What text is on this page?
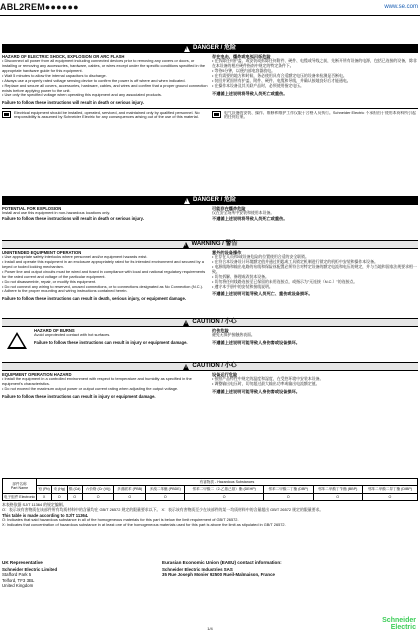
ABL2REM●●●●●●	www.se.com
!
DANGER / 危险
HAZARD OF ELECTRIC SHOCK, EXPLOSION OR ARC FLASH
• Disconnect all power from all equipment including connected devices prior to removing any covers or doors, or installing or removing any accessories, hardware, cables, or wires except under the specific conditions specified in the appropriate hardware guide for this equipment.
• Wait 5 minutes to allow the internal capacitors to discharge.
• Always use a properly rated voltage sensing device to confirm the power is off where and when indicated.
• Replace and secure all covers, accessories, hardware, cables, and wires and confirm that a proper ground connection exists before applying power to the unit.
• Use only the specified voltage when operating this equipment and any associated products.
Failure to follow these instructions will result in death or serious injury.
存在电击、爆炸或电弧闪烁危险
• 在拆除任何护盖、或安装或拆除任何附件、硬件、电缆或导线之前，先断开所有设备的电源，包括已连接的设备，除非在本设备的相应硬件指南中规定的特定条件下。
• 等待5分钟，以便内部电容器放电。
• 在有需要的地方和时候，务必使用具有合适额定电压的设备来检测是否断电。
• 装回并紧固所有护盖、附件、硬件、电缆和导线，并确认接地良好后才能通电。
• 在操作本设备及其关联产品时，必须使用指定电压。
不遵循上述说明将导致人员死亡或重伤。
Electrical equipment should be installed, operated, serviced, and maintained only by qualified personnel. No responsibility is assumed by Schneider Electric for any consequences arising out of the use of this material.
电气设备的安装、操作、维修和维护工作仅限于合格人员执行。Schneider Electric 不承担由于使用本资料所引起的任何后果。
!
DANGER / 危险
POTENTIAL FOR EXPLOSION
Install and use this equipment in non-hazardous locations only.
Failure to follow these instructions will result in death or serious injury.
可能存在爆炸危险
仅在安全场所中安装和使用本设备。
不遵循上述说明将导致人员死亡或重伤。
!
WARNING / 警告
UNINTENDED EQUIPMENT OPERATION
• Use appropriate safety interlocks where personnel and/or equipment hazards exist.
• Install and operate this equipment in an enclosure appropriately rated for its intended environment and secured by a keyed or tooled locking mechanism.
• Power line and output circuits must be wired and fused in compliance with local and national regulatory requirements for the rated current and voltage of the particular equipment.
• Do not disassemble, repair, or modify this equipment.
• Do not connect any wiring to reserved, unused connections, or to connections designated as No Connection (N.C.).
• Adhere to the proper mounting and wiring instructions contained herein.
Failure to follow these instructions can result in death, serious injury, or equipment damage.
意外的设备操作
• 在存在人员和/或设备危险的位置使用合适的安全联锁。
• 在符合本设备设计环境额定值并通过钥匙或工具锁定机制进行锁定的机柜中安装和操作本设备。
• 电源线路和输出电路的布线和保险丝配置必须符合对特定设备的额定电流和电压的规定，并与当地和国家法规要求相一致。
• 切勿拆解、修理或改装本设备。
• 切勿将任何线路连接至已保留的未用连接点，或指示为"无连接（N.C.）"的连接点。
• 遵守本手册中的安装和接线说明。
不遵循上述说明可能导致人员死亡、重伤或设备损坏。
!
CAUTION / 小心
HAZARD OF BURNS
Avoid unprotected contact with hot surfaces.
Failure to follow these instructions can result in injury or equipment damage.
灼伤危险
避免无保护接触热表面。
不遵循上述说明可能导致人身伤害或设备损坏。
!
CAUTION / 小心
EQUIPMENT OPERATION HAZARD
• Install the equipment in a controlled environment with respect to temperature and humidity as specified in the equipment's characteristics.
• Do not exceed the maximum output power or output current rating when adjusting the output voltage.
Failure to follow these instructions can result in injury or equipment damage.
设备运行危险
• 按照产品特性中规定的温度和湿度，在受控环境中安装本设备。
• 调整输出电压时，切勿超过最大输出功率或输出电流额定值。
不遵循上述说明可能导致人身伤害或设备损坏。
部件名称
Part Name	有害物质 - Hazardous Substances									
	铅 (Pb)	汞 (Hg)	镉 (Cd)	六价铬 (Cr (VI))	多溴联苯 (PBB)	多溴二苯醚 (PBDE)	邻苯二甲酸二（2-乙基己基）酯 (DEHP)	邻苯二甲酸二丁酯 (DBP)	邻苯二甲酸丁苄酯 (BBP)	邻苯二甲酸二异丁酯 (DIBP)
电子组件 Electronic	X	O	O	O	O	O	O	O	O	O
本表格依据 SJ/T 11364 的规定编制。
O：表示该有害物质在该部件所有均质材料中的含量均在 GB/T 26572 规定的限量要求以下。 X：表示该有害物质至少在该部件的某一均质材料中的含量超出 GB/T 26572 规定的限量要求。
This table is made according to SJ/T 11364.
O: Indicates that said hazardous substance in all of the homogeneous materials for this part is below the limit requirement of GB/T 26572.
X: Indicates that concentration of hazardous substance in at least one of the homogeneous materials used for this part is above the limit as stipulated in GB/T 26572.
UK Representative
Schneider Electric Limited
Stafford Park 5
Telford, TF3 3BL
United Kingdom
Eurasian Economic Union (EAEU) contact information:
Schneider Electric Industries SAS
35 Rue Joseph Monier 92500 Rueil-Malmaison, France
1/4
Schneider
Electric
